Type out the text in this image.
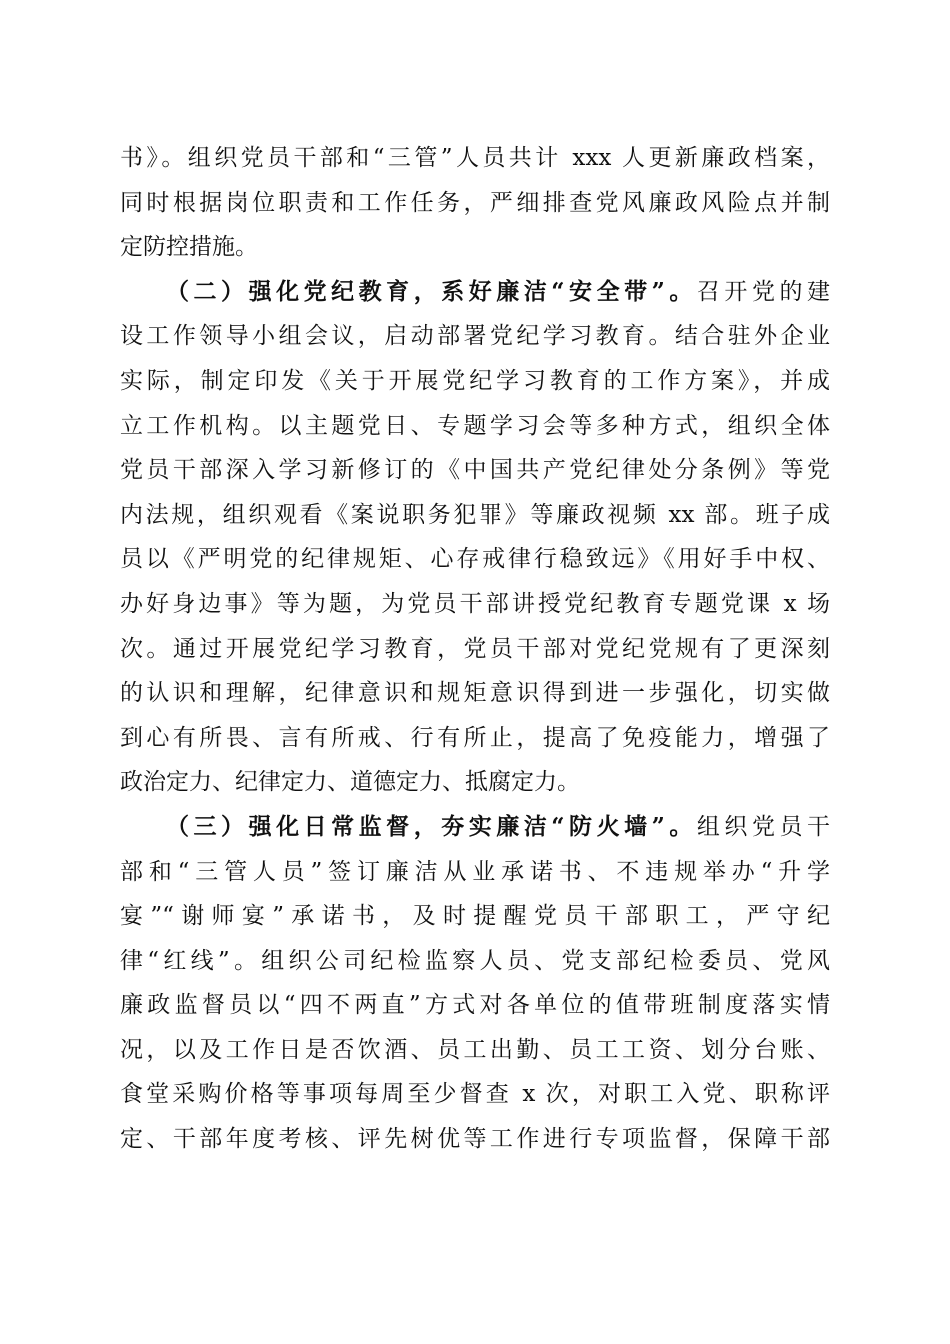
书》。组织党员干部和“三管”人员共计 xxx 人更新廉政档案，
同时根据岗位职责和工作任务，严细排查党风廉政风险点并制
定防控措施。
（二）强化党纪教育，系好廉洁“安全带”。召开党的建
设工作领导小组会议，启动部署党纪学习教育。结合驻外企业
实际，制定印发《关于开展党纪学习教育的工作方案》，并成
立工作机构。以主题党日、专题学习会等多种方式，组织全体
党员干部深入学习新修订的《中国共产党纪律处分条例》等党
内法规，组织观看《案说职务犯罪》等廉政视频 xx 部。班子成
员以《严明党的纪律规矩、心存戒律行稳致远》《用好手中权、
办好身边事》等为题，为党员干部讲授党纪教育专题党课 x 场
次。通过开展党纪学习教育，党员干部对党纪党规有了更深刻
的认识和理解，纪律意识和规矩意识得到进一步强化，切实做
到心有所畏、言有所戒、行有所止，提高了免疫能力，增强了
政治定力、纪律定力、道德定力、抵腐定力。
（三）强化日常监督，夯实廉洁“防火墙”。组织党员干
部和“三管人员”签订廉洁从业承诺书、不违规举办“升学
宴”“谢师宴”承诺书，及时提醒党员干部职工，严守纪
律“红线”。组织公司纪检监察人员、党支部纪检委员、党风
廉政监督员以“四不两直”方式对各单位的值带班制度落实情
况，以及工作日是否饮酒、员工出勤、员工工资、划分台账、
食堂采购价格等事项每周至少督查 x 次，对职工入党、职称评
定、干部年度考核、评先树优等工作进行专项监督，保障干部
